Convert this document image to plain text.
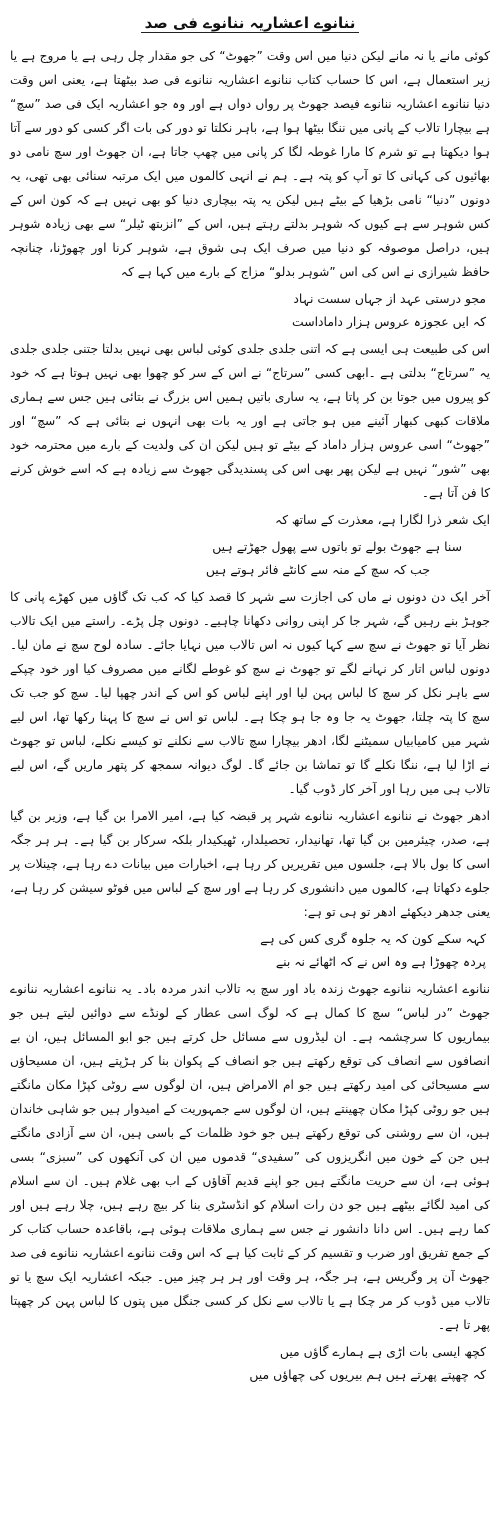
ننانوے اعشاریہ ننانوے فی صد

کوئی مانے یا نہ مانے لیکن دنیا میں اس وقت ”جھوٹ“ کی جو مقدار چل رہی ہے یا مروج ہے یا زیر استعمال ہے، اس کا حساب کتاب ننانوے اعشاریہ ننانوے فی صد بیٹھتا ہے، یعنی اس وقت دنیا ننانوے اعشاریہ ننانوے فیصد جھوٹ پر رواں دواں ہے اور وہ جو اعشاریہ ایک فی صد ”سچ“ ہے بیچارا تالاب کے پانی میں ننگا بیٹھا ہوا ہے، باہر نکلتا تو دور کی بات اگر کسی کو دور سے آتا ہوا دیکھتا ہے تو شرم کا مارا غوطہ لگا کر پانی میں چھپ جاتا ہے، ان جھوٹ اور سچ نامی دو بھائیوں کی کہانی کا تو آپ کو پتہ ہے۔ ہم نے انہی کالموں میں ایک مرتبہ سنائی بھی تھی، یہ دونوں ”دنیا“ نامی بڑھیا کے بیٹے ہیں لیکن یہ پتہ بیچاری دنیا کو بھی نہیں ہے کہ کون اس کے کس شوہر سے ہے کیوں کہ شوہر بدلتے رہتے ہیں، اس کے ”انزبتھ ٹیلر“ سے بھی زیادہ شوہر ہیں، دراصل موصوفہ کو دنیا میں صرف ایک ہی شوق ہے، شوہر کرنا اور چھوڑنا، چنانچہ حافظ شیرازی نے اس کی اس ”شوہر بدلو“ مزاج کے بارے میں کہا ہے کہ

مجو درستی عہد از جہاں سست نہاد

کہ ایں عجوزہ عروس ہزار داماداست

اس کی طبیعت ہی ایسی ہے کہ اتنی جلدی جلدی کوئی لباس بھی نہیں بدلتا جتنی جلدی جلدی یہ ”سرتاج“ بدلتی ہے ۔ابھی کسی ”سرتاج“ نے اس کے سر کو چھوا بھی نہیں ہوتا ہے کہ خود کو پیروں میں جوتا بن کر پاتا ہے، یہ ساری باتیں ہمیں اس بزرگ نے بتائی ہیں جس سے ہماری ملاقات کبھی کبھار آئینے میں ہو جاتی ہے اور یہ بات بھی انہوں نے بتائی ہے کہ ”سچ“ اور ”جھوٹ“ اسی عروس ہزار داماد کے بیٹے تو ہیں لیکن ان کی ولدیت کے بارے میں محترمہ خود بھی ”شور“ نہیں ہے لیکن پھر بھی اس کی پسندیدگی جھوٹ سے زیادہ ہے کہ اسے خوش کرنے کا فن آتا ہے۔

ایک شعر ذرا لگارا ہے، معذرت کے ساتھ کہ

سنا ہے جھوٹ بولے تو باتوں سے پھول جھڑتے ہیں

جب کہ سچ کے منہ سے کانٹے فائر ہوتے ہیں

آخر ایک دن دونوں نے ماں کی اجازت سے شہر کا قصد کیا کہ کب تک گاؤں میں کھڑے پانی کا جوہڑ بنے رہیں گے، شہر جا کر اپنی روانی دکھانا چاہیے۔ دونوں چل پڑے۔ راستے میں ایک تالاب نظر آیا تو جھوٹ نے سچ سے کہا کیوں نہ اس تالاب میں نہایا جائے۔ سادہ لوح سچ نے مان لیا۔ دونوں لباس اتار کر نہانے لگے تو جھوٹ نے سچ کو غوطے لگانے میں مصروف کیا اور خود چپکے سے باہر نکل کر سچ کا لباس پہن لیا اور اپنے لباس کو اس کے اندر چھپا لیا۔ سچ کو جب تک سچ کا پتہ چلتا، جھوٹ یہ جا وہ جا ہو چکا ہے۔ لباس تو اس نے سچ کا پہنا رکھا تھا، اس لیے شہر میں کامیابیاں سمیٹنے لگا، ادھر بیچارا سچ تالاب سے نکلنے تو کیسے نکلے، لباس تو جھوٹ نے اڑا لیا ہے، ننگا نکلے گا تو تماشا بن جائے گا۔ لوگ دیوانہ سمجھ کر پتھر ماریں گے، اس لیے تالاب ہی میں رہا اور آخر کار ڈوب گیا۔

ادھر جھوٹ نے ننانوے اعشاریہ ننانوے شہر پر قبضہ کیا ہے، امیر الامرا بن گیا ہے، وزیر بن گیا ہے، صدر، چیئرمین بن گیا تھا، تھانیدار، تحصیلدار، ٹھیکیدار بلکہ سرکار بن گیا ہے۔ ہر ہر جگہ اسی کا بول بالا ہے، جلسوں میں تقریریں کر رہا ہے، اخبارات میں بیانات دے رہا ہے، چینلات پر جلوے دکھاتا ہے، کالموں میں دانشوری کر رہا ہے اور سچ کے لباس میں فوٹو سیشن کر رہا ہے، یعنی جدھر دیکھئے ادھر تو ہی تو ہے:

کہہ سکے کون کہ یہ جلوہ گری کس کی ہے

پردہ چھوڑا ہے وہ اس نے کہ اٹھائے نہ بنے

ننانوے اعشاریہ ننانوے جھوٹ زندہ باد اور سچ بہ تالاب اندر مردہ باد۔ یہ ننانوے اعشاریہ ننانوے جھوٹ ”در لباس“ سچ کا کمال ہے کہ لوگ اسی عطار کے لونڈے سے دوائیں لیتے ہیں جو بیماریوں کا سرچشمہ ہے۔ ان لیڈروں سے مسائل حل کرتے ہیں جو ابو المسائل ہیں، ان بے انصافوں سے انصاف کی توقع رکھتے ہیں جو انصاف کے پکوان بنا کر ہڑپتے ہیں، ان مسیحاؤں سے مسیحائی کی امید رکھتے ہیں جو ام الامراض ہیں، ان لوگوں سے روٹی کپڑا مکان مانگتے ہیں جو روٹی کپڑا مکان چھینتے ہیں، ان لوگوں سے جمہوریت کے امیدوار ہیں جو شاہی خاندان ہیں، ان سے روشنی کی توقع رکھتے ہیں جو خود ظلمات کے باسی ہیں، ان سے آزادی مانگتے ہیں جن کے خون میں انگریزوں کی ”سفیدی“ قدموں میں ان کی آنکھوں کی ”سبزی“ بسی ہوئی ہے، ان سے حریت مانگتے ہیں جو اپنے قدیم آقاؤں کے اب بھی غلام ہیں۔ ان سے اسلام کی امید لگائے بیٹھے ہیں جو دن رات اسلام کو انڈسٹری بنا کر بیچ رہے ہیں، چلا رہے ہیں اور کما رہے ہیں۔ اس دانا دانشور نے جس سے ہماری ملاقات ہوئی ہے، باقاعدہ حساب کتاب کر کے جمع تفریق اور ضرب و تقسیم کر کے ثابت کیا ہے کہ اس وقت ننانوے اعشاریہ ننانوے فی صد جھوٹ آن پر وگریس ہے، ہر جگہ، ہر وقت اور ہر ہر چیز میں۔ جبکہ اعشاریہ ایک سچ یا تو تالاب میں ڈوب کر مر چکا ہے یا تالاب سے نکل کر کسی جنگل میں پتوں کا لباس پہن کر چھپتا پھر تا ہے۔

کچھ ایسی بات اڑی ہے ہمارے گاؤں میں

کہ چھپتے پھرتے ہیں ہم بیریوں کی چھاؤں میں
